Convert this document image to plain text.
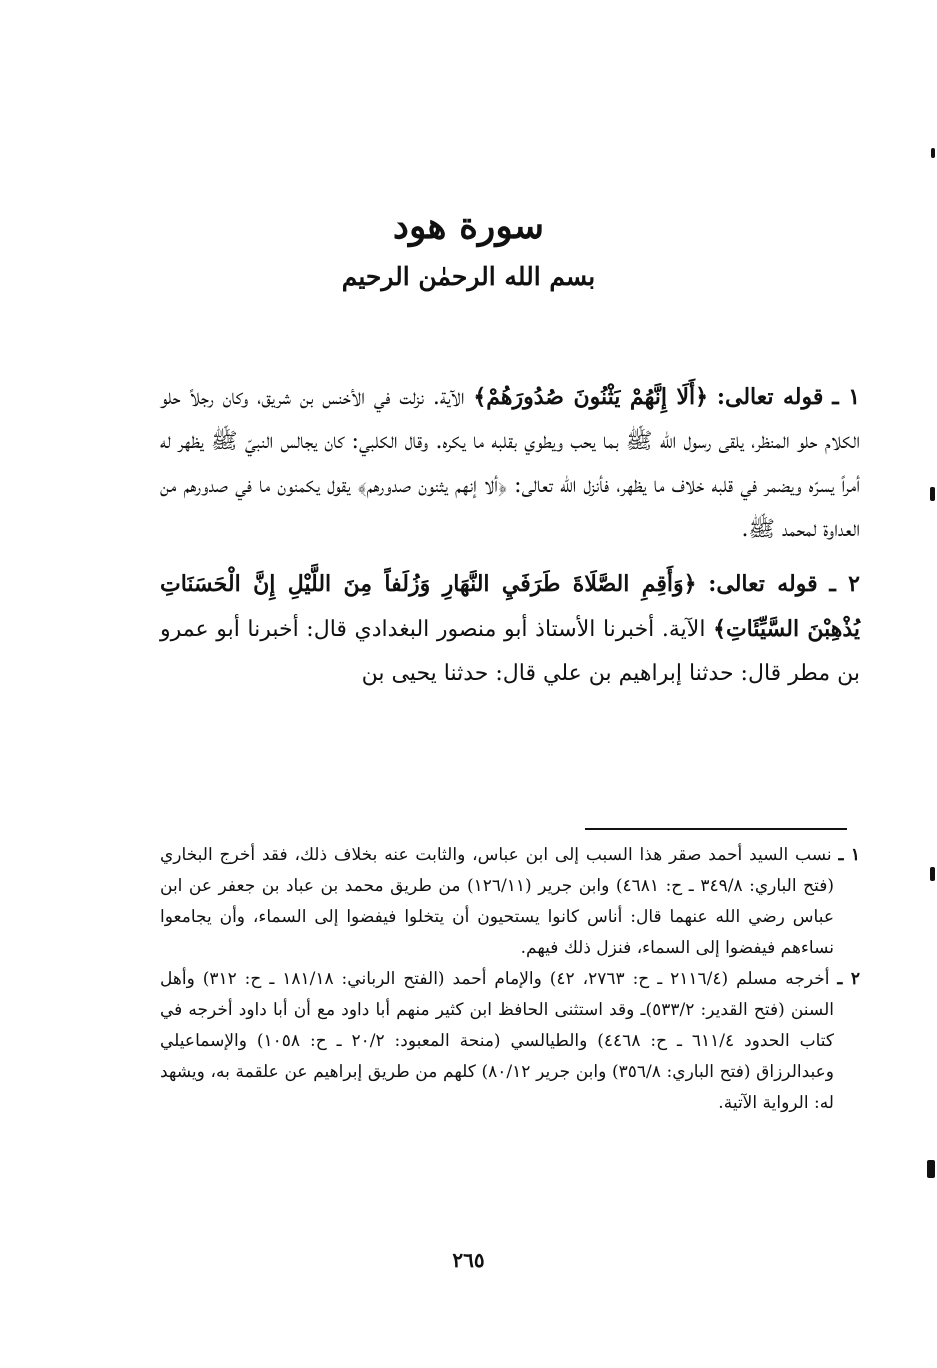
سورة هود
بسم الله الرحمٰن الرحيم

١ ـ قوله تعالى: ﴿أَلَا إِنَّهُمْ يَثْنُونَ صُدُورَهُمْ﴾ الآية. نزلت في الأخنس بن شريق، وكان رجلاً حلو الكلام حلو المنظر، يلقى رسول الله ﷺ بما يحب ويطوي بقلبه ما يكره. وقال الكلبي: كان يجالس النبيّ ﷺ يظهر له أمراً يسرّه ويضمر في قلبه خلاف ما يظهر، فأنزل الله تعالى: ﴿ألا إنهم يثنون صدورهم﴾ يقول يكمنون ما في صدورهم من العداوة لمحمد ﷺ.

٢ ـ قوله تعالى: ﴿وَأَقِمِ الصَّلَاةَ طَرَفَيِ النَّهَارِ وَزُلَفاً مِنَ اللَّيْلِ إِنَّ الْحَسَنَاتِ يُذْهِبْنَ السَّيِّئَاتِ﴾ الآية. أخبرنا الأستاذ أبو منصور البغدادي قال: أخبرنا أبو عمرو بن مطر قال: حدثنا إبراهيم بن علي قال: حدثنا يحيى بن

١ ـ نسب السيد أحمد صقر هذا السبب إلى ابن عباس، والثابت عنه بخلاف ذلك، فقد أخرج البخاري (فتح الباري: ٣٤٩/٨ ـ ح: ٤٦٨١) وابن جرير (١٢٦/١١) من طريق محمد بن عباد بن جعفر عن ابن عباس رضي الله عنهما قال: أناس كانوا يستحيون أن يتخلوا فيفضوا إلى السماء، وأن يجامعوا نساءهم فيفضوا إلى السماء، فنزل ذلك فيهم.

٢ ـ أخرجه مسلم (٢١١٦/٤ ـ ح: ٢٧٦٣، ٤٢) والإمام أحمد (الفتح الرباني: ١٨١/١٨ ـ ح: ٣١٢) وأهل السنن (فتح القدير: ٥٣٣/٢)ـ وقد استثنى الحافظ ابن كثير منهم أبا داود مع أن أبا داود أخرجه في كتاب الحدود ٦١١/٤ ـ ح: ٤٤٦٨) والطيالسي (منحة المعبود: ٢٠/٢ ـ ح: ١٠٥٨) والإسماعيلي وعبدالرزاق (فتح الباري: ٣٥٦/٨) وابن جرير ٨٠/١٢) كلهم من طريق إبراهيم عن علقمة به، ويشهد له: الرواية الآتية.

٢٦٥
